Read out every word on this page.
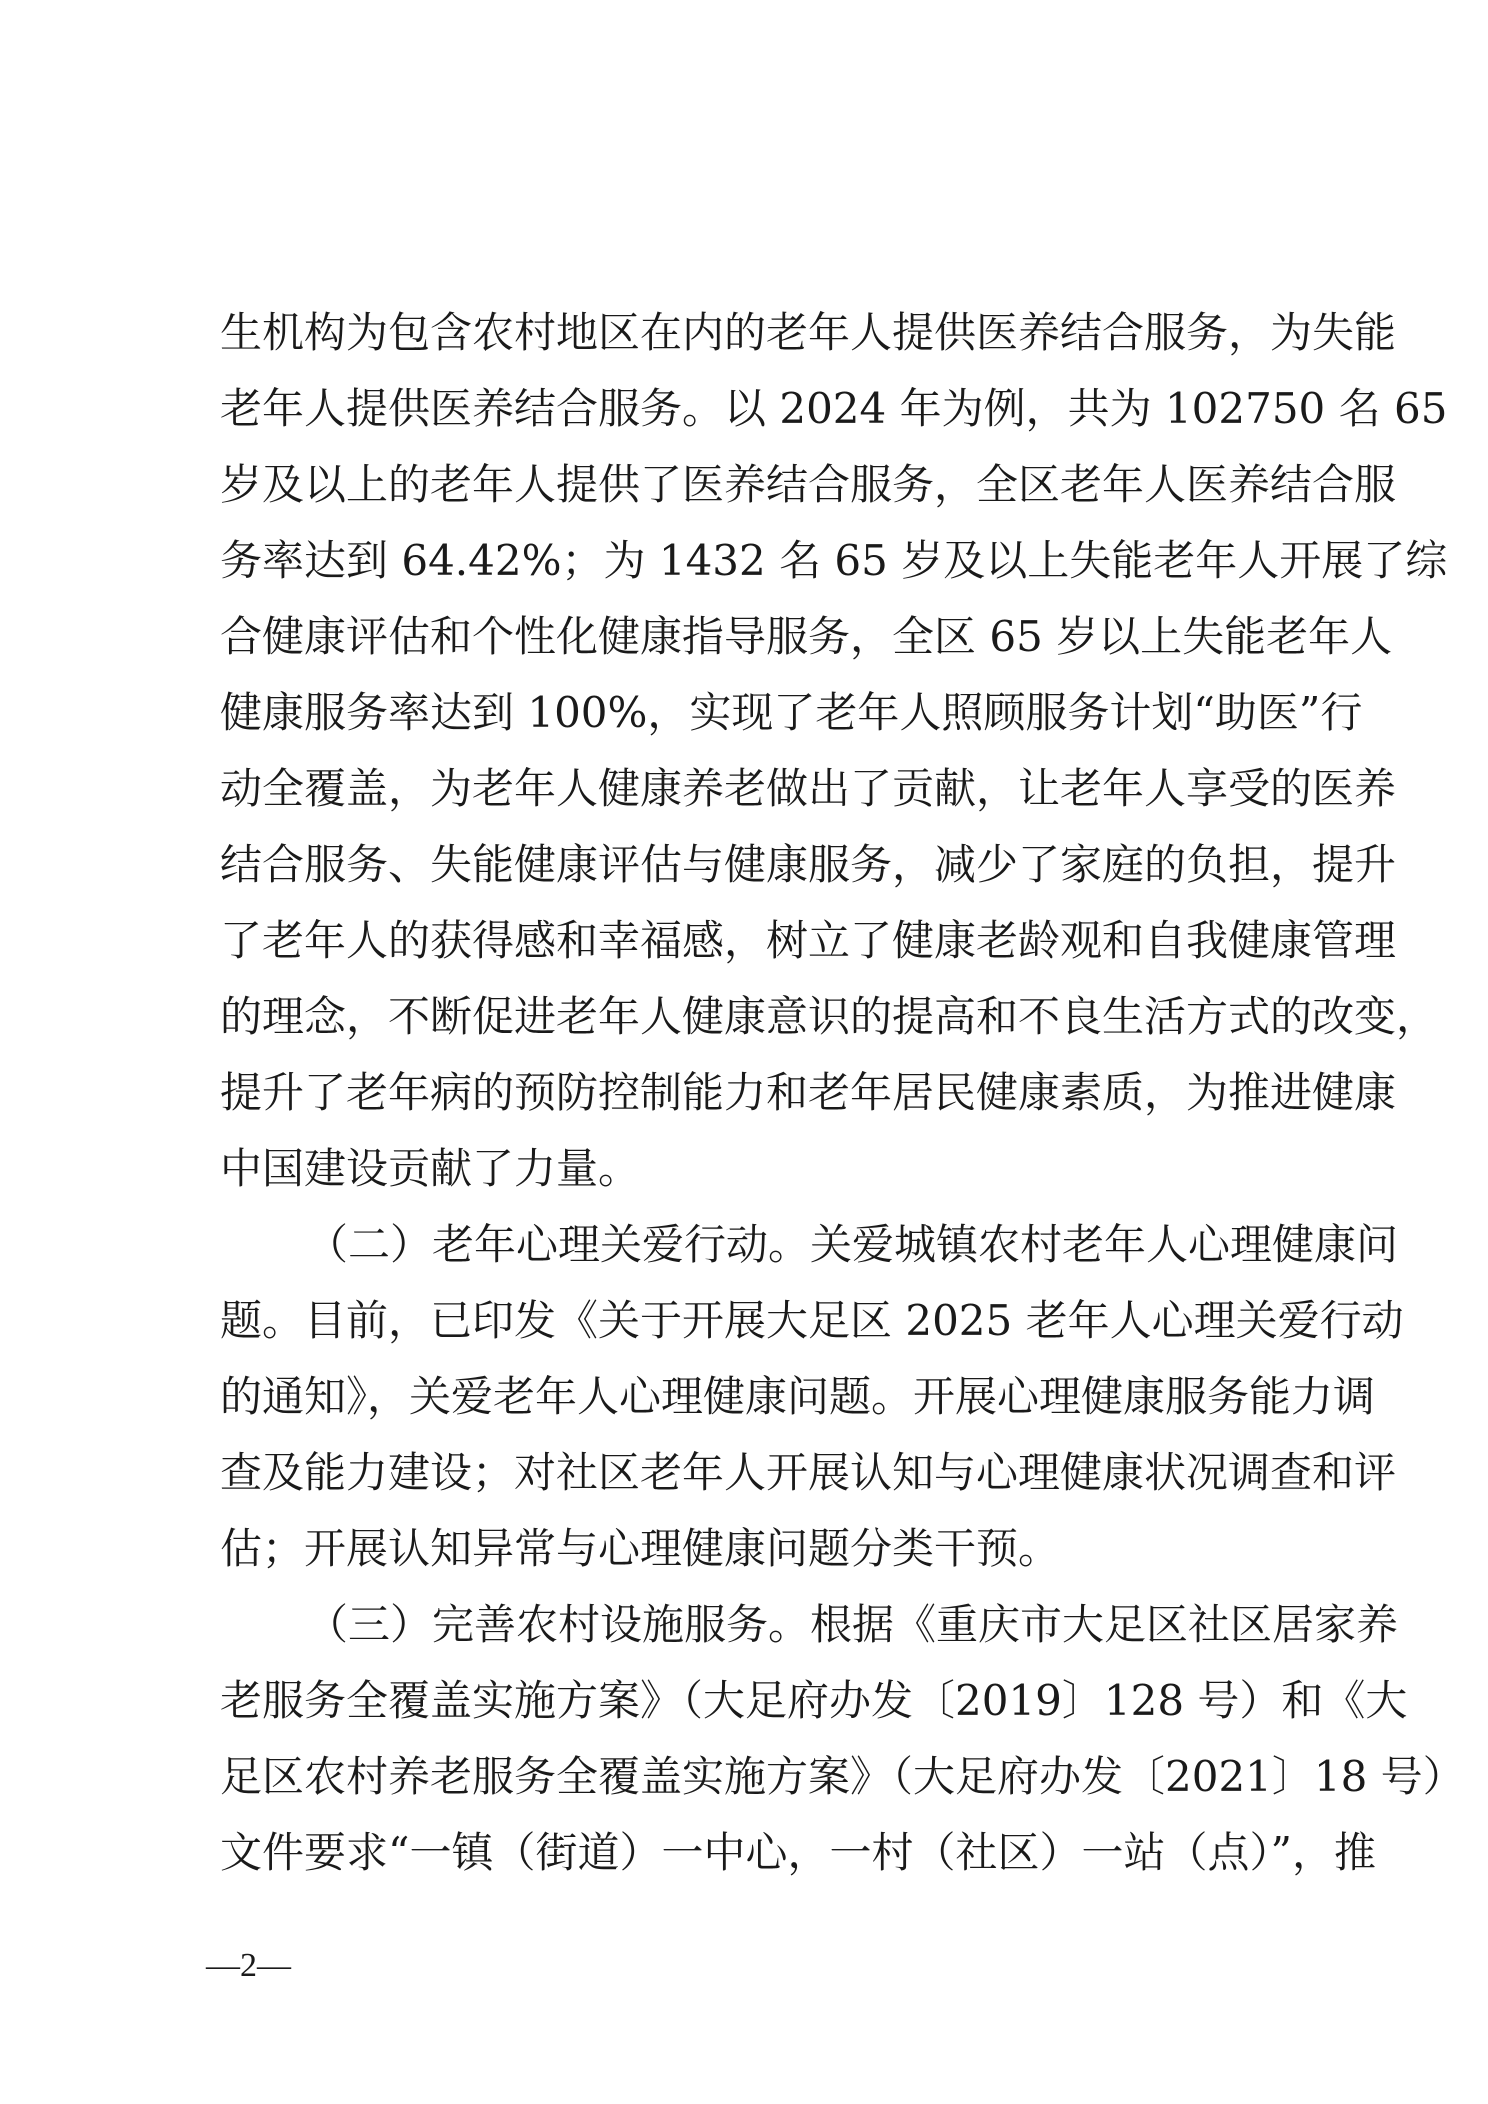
生机构为包含农村地区在内的老年人提供医养结合服务，为失能
老年人提供医养结合服务。以 2024 年为例，共为 102750 名 65
岁及以上的老年人提供了医养结合服务，全区老年人医养结合服
务率达到 64.42%；为 1432 名 65 岁及以上失能老年人开展了综
合健康评估和个性化健康指导服务，全区 65 岁以上失能老年人
健康服务率达到 100%，实现了老年人照顾服务计划“助医”行
动全覆盖，为老年人健康养老做出了贡献，让老年人享受的医养
结合服务、失能健康评估与健康服务，减少了家庭的负担，提升
了老年人的获得感和幸福感，树立了健康老龄观和自我健康管理
的理念，不断促进老年人健康意识的提高和不良生活方式的改变，
提升了老年病的预防控制能力和老年居民健康素质，为推进健康
中国建设贡献了力量。
（二）老年心理关爱行动。关爱城镇农村老年人心理健康问
题。目前，已印发《关于开展大足区 2025 老年人心理关爱行动
的通知》，关爱老年人心理健康问题。开展心理健康服务能力调
查及能力建设；对社区老年人开展认知与心理健康状况调查和评
估；开展认知异常与心理健康问题分类干预。
（三）完善农村设施服务。根据《重庆市大足区社区居家养
老服务全覆盖实施方案》（大足府办发〔2019〕128 号）和《大
足区农村养老服务全覆盖实施方案》（大足府办发〔2021〕18 号）
文件要求“一镇（街道）一中心，一村（社区）一站（点）”，推
—2—
